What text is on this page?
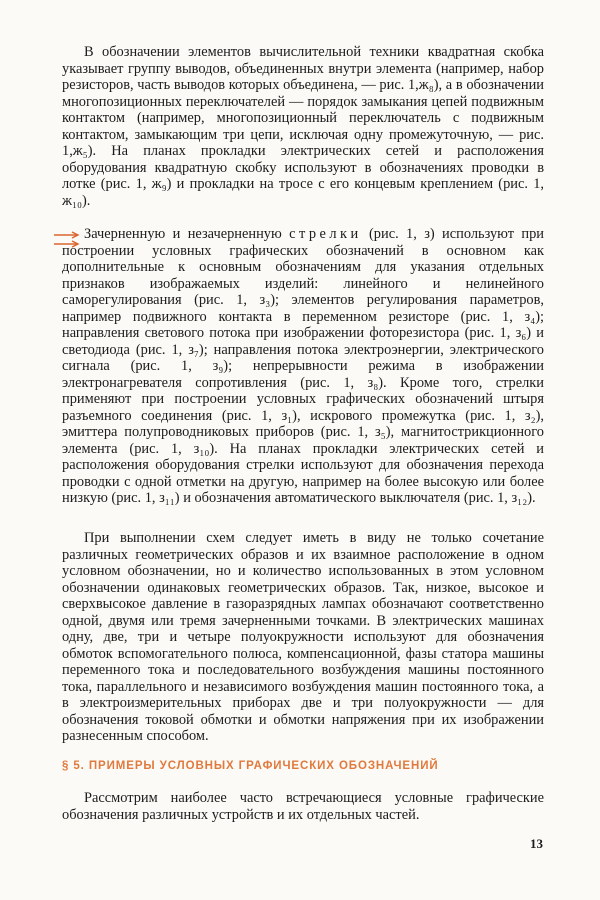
В обозначении элементов вычислительной техники квадратная скобка указывает группу выводов, объединенных внутри элемента (например, набор резисторов, часть выводов которых объединена, — рис. 1,ж₈), а в обозначении многопозиционных переключателей — порядок замыкания цепей подвижным контактом (например, многопозиционный переключатель с подвижным контактом, замыкающим три цепи, исключая одну промежуточную, — рис. 1,ж₅). На планах прокладки электрических сетей и расположения оборудования квадратную скобку используют в обозначениях проводки в лотке (рис. 1, ж₉) и прокладки на тросе с его концевым креплением (рис. 1, ж₁₀).

Зачерненную и незачерненную стрелки (рис. 1, з) используют при построении условных графических обозначений в основном как дополнительные к основным обозначениям для указания отдельных признаков изображаемых изделий: линейного и нелинейного саморегулирования (рис. 1, з₃); элементов регулирования параметров, например подвижного контакта в переменном резисторе (рис. 1, з₄); направления светового потока при изображении фоторезистора (рис. 1, з₆) и светодиода (рис. 1, з₇); направления потока электроэнергии, электрического сигнала (рис. 1, з₉); непрерывности режима в изображении электронагревателя сопротивления (рис. 1, з₈). Кроме того, стрелки применяют при построении условных графических обозначений штыря разъемного соединения (рис. 1, з₁), искрового промежутка (рис. 1, з₂), эмиттера полупроводниковых приборов (рис. 1, з₅), магнитострикционного элемента (рис. 1, з₁₀). На планах прокладки электрических сетей и расположения оборудования стрелки используют для обозначения перехода проводки с одной отметки на другую, например на более высокую или более низкую (рис. 1, з₁₁) и обозначения автоматического выключателя (рис. 1, з₁₂).

При выполнении схем следует иметь в виду не только сочетание различных геометрических образов и их взаимное расположение в одном условном обозначении, но и количество использованных в этом условном обозначении одинаковых геометрических образов. Так, низкое, высокое и сверхвысокое давление в газоразрядных лампах обозначают соответственно одной, двумя или тремя зачерненными точками. В электрических машинах одну, две, три и четыре полуокружности используют для обозначения обмоток вспомогательного полюса, компенсационной, фазы статора машины переменного тока и последовательного возбуждения машины постоянного тока, параллельного и независимого возбуждения машин постоянного тока, а в электроизмерительных приборах две и три полуокружности — для обозначения токовой обмотки и обмотки напряжения при их изображении разнесенным способом.

§ 5. ПРИМЕРЫ УСЛОВНЫХ ГРАФИЧЕСКИХ ОБОЗНАЧЕНИЙ

Рассмотрим наиболее часто встречающиеся условные графические обозначения различных устройств и их отдельных частей.

13
